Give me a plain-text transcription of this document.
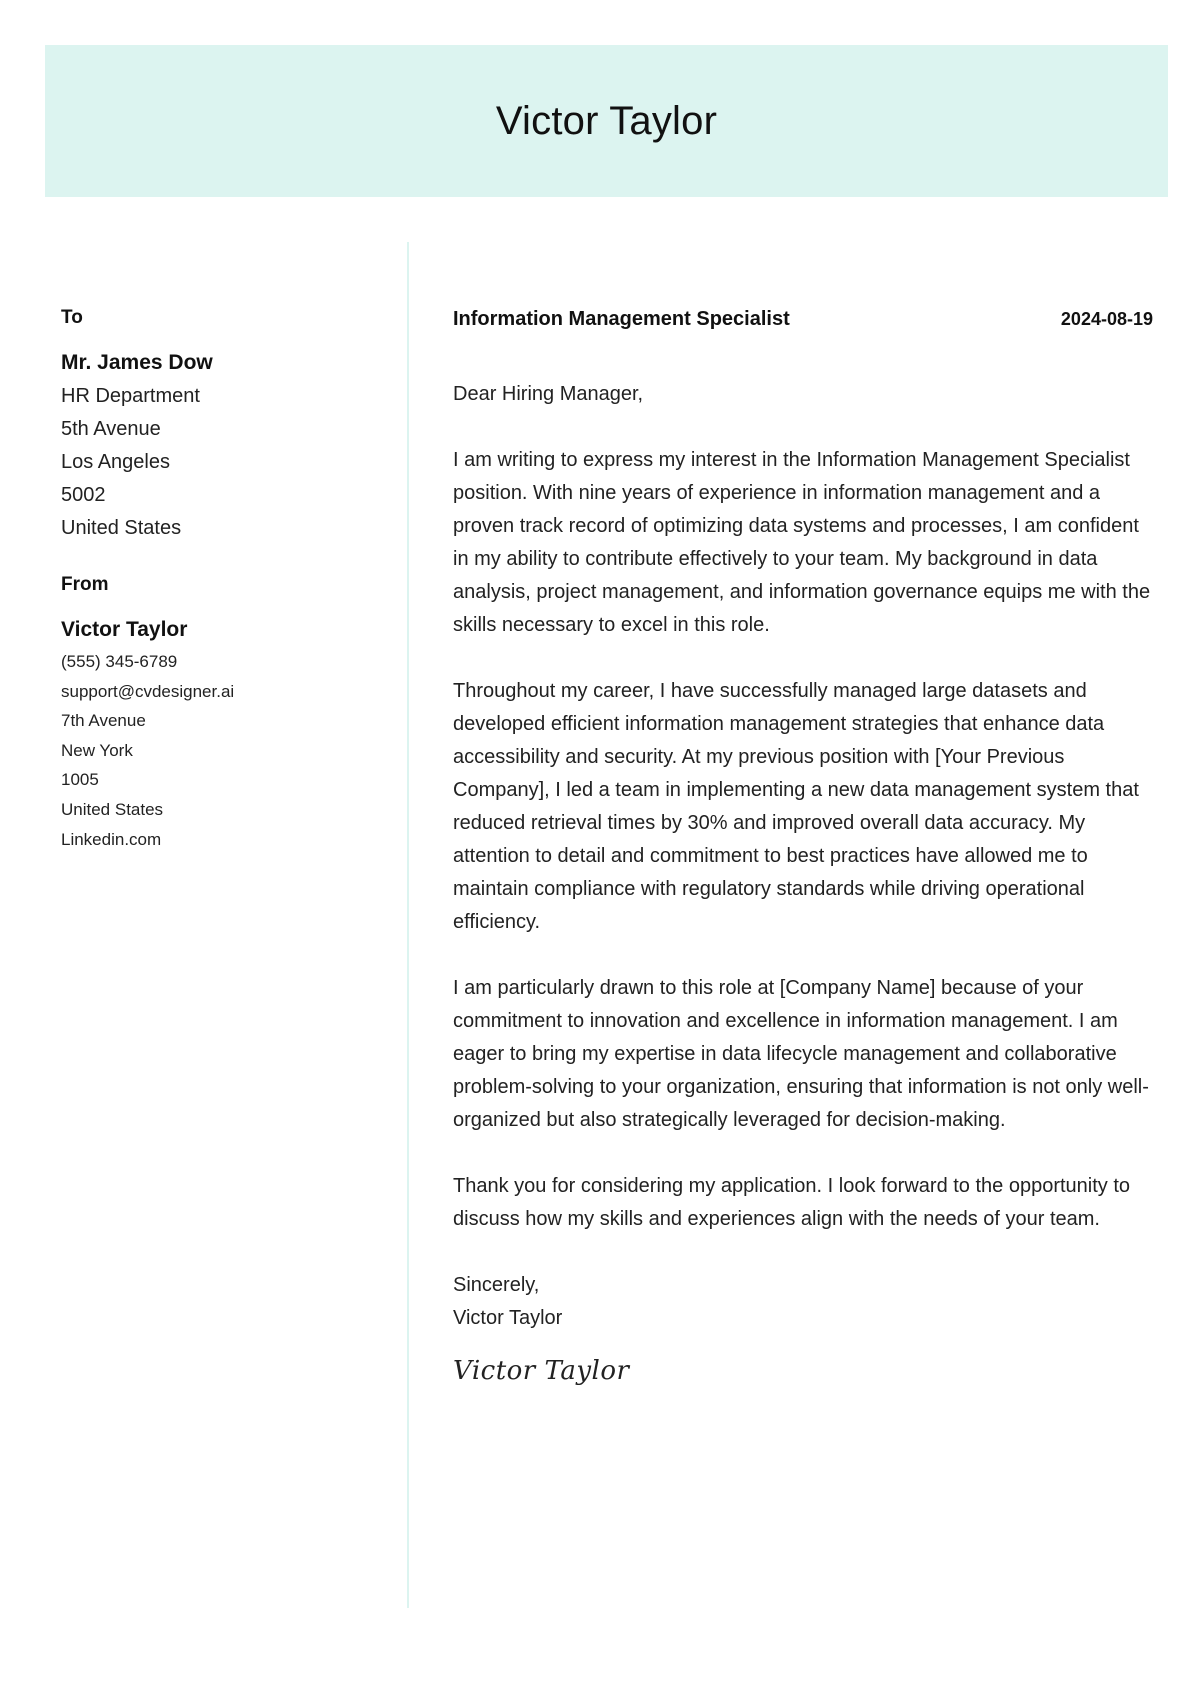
Victor Taylor
To
Mr. James Dow
HR Department
5th Avenue
Los Angeles
5002
United States
From
Victor Taylor
(555) 345-6789
support@cvdesigner.ai
7th Avenue
New York
1005
United States
Linkedin.com
Information Management Specialist	2024-08-19

Dear Hiring Manager,

I am writing to express my interest in the Information Management Specialist position. With nine years of experience in information management and a proven track record of optimizing data systems and processes, I am confident in my ability to contribute effectively to your team. My background in data analysis, project management, and information governance equips me with the skills necessary to excel in this role.

Throughout my career, I have successfully managed large datasets and developed efficient information management strategies that enhance data accessibility and security. At my previous position with [Your Previous Company], I led a team in implementing a new data management system that reduced retrieval times by 30% and improved overall data accuracy. My attention to detail and commitment to best practices have allowed me to maintain compliance with regulatory standards while driving operational efficiency.

I am particularly drawn to this role at [Company Name] because of your commitment to innovation and excellence in information management. I am eager to bring my expertise in data lifecycle management and collaborative problem-solving to your organization, ensuring that information is not only well-organized but also strategically leveraged for decision-making.

Thank you for considering my application. I look forward to the opportunity to discuss how my skills and experiences align with the needs of your team.

Sincerely,
Victor Taylor
Victor Taylor
